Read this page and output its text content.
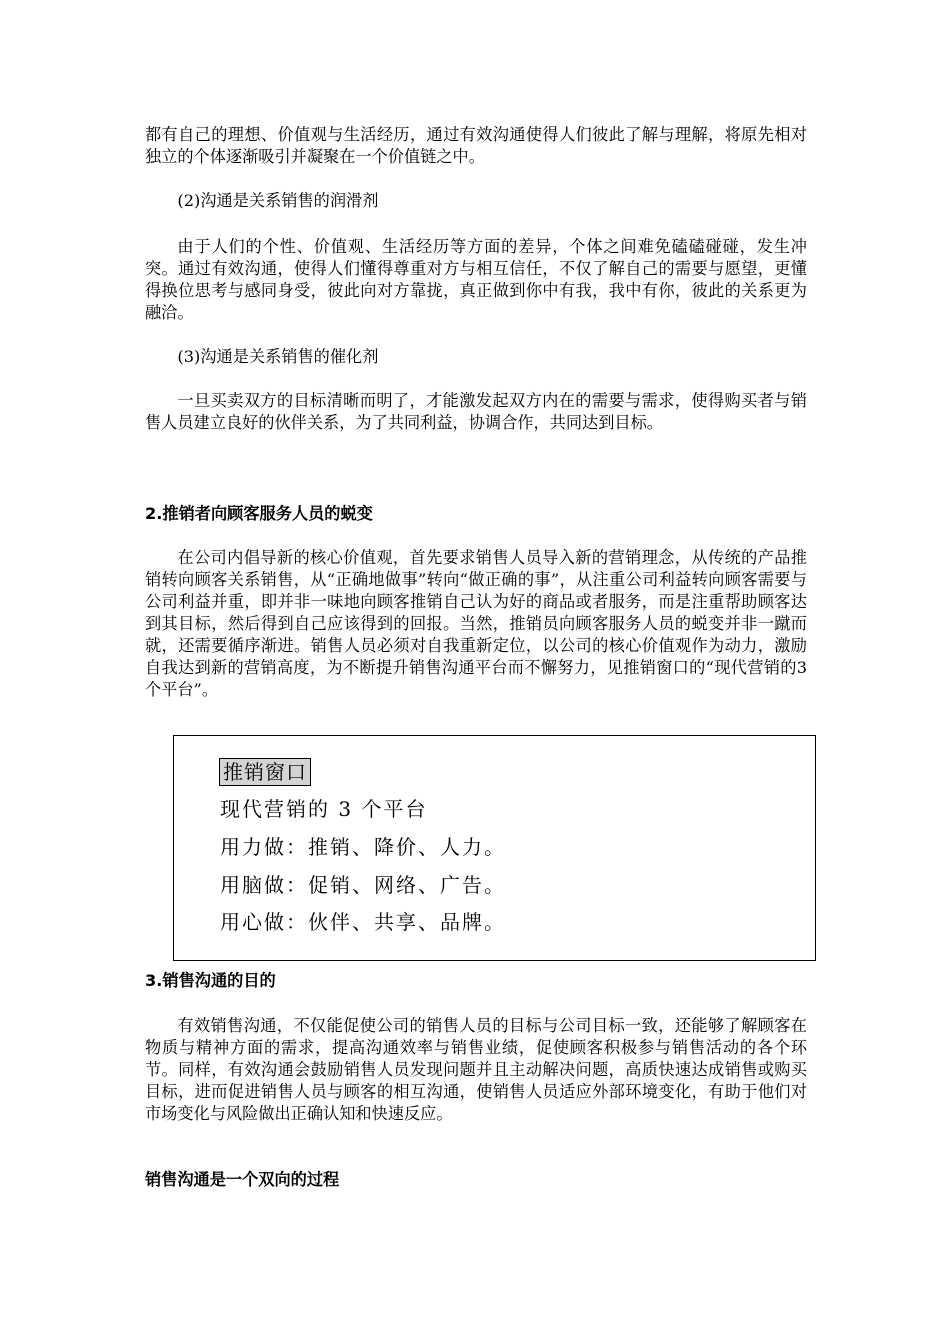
都有自己的理想、价值观与生活经历，通过有效沟通使得人们彼此了解与理解，将原先相对独立的个体逐渐吸引并凝聚在一个价值链之中。

(2)沟通是关系销售的润滑剂

由于人们的个性、价值观、生活经历等方面的差异，个体之间难免磕磕碰碰，发生冲突。通过有效沟通，使得人们懂得尊重对方与相互信任，不仅了解自己的需要与愿望，更懂得换位思考与感同身受，彼此向对方靠拢，真正做到你中有我，我中有你，彼此的关系更为融洽。

(3)沟通是关系销售的催化剂

一旦买卖双方的目标清晰而明了，才能激发起双方内在的需要与需求，使得购买者与销售人员建立良好的伙伴关系，为了共同利益，协调合作，共同达到目标。

2.推销者向顾客服务人员的蜕变

在公司内倡导新的核心价值观，首先要求销售人员导入新的营销理念，从传统的产品推销转向顾客关系销售，从“正确地做事”转向“做正确的事”，从注重公司利益转向顾客需要与公司利益并重，即并非一味地向顾客推销自己认为好的商品或者服务，而是注重帮助顾客达到其目标，然后得到自己应该得到的回报。当然，推销员向顾客服务人员的蜕变并非一蹴而就，还需要循序渐进。销售人员必须对自我重新定位，以公司的核心价值观作为动力，激励自我达到新的营销高度，为不断提升销售沟通平台而不懈努力，见推销窗口的“现代营销的3个平台”。

推销窗口
现代营销的 3 个平台
用力做：推销、降价、人力。
用脑做：促销、网络、广告。
用心做：伙伴、共享、品牌。

3.销售沟通的目的

有效销售沟通，不仅能促使公司的销售人员的目标与公司目标一致，还能够了解顾客在物质与精神方面的需求，提高沟通效率与销售业绩，促使顾客积极参与销售活动的各个环节。同样，有效沟通会鼓励销售人员发现问题并且主动解决问题，高质快速达成销售或购买目标，进而促进销售人员与顾客的相互沟通，使销售人员适应外部环境变化，有助于他们对市场变化与风险做出正确认知和快速反应。

销售沟通是一个双向的过程
